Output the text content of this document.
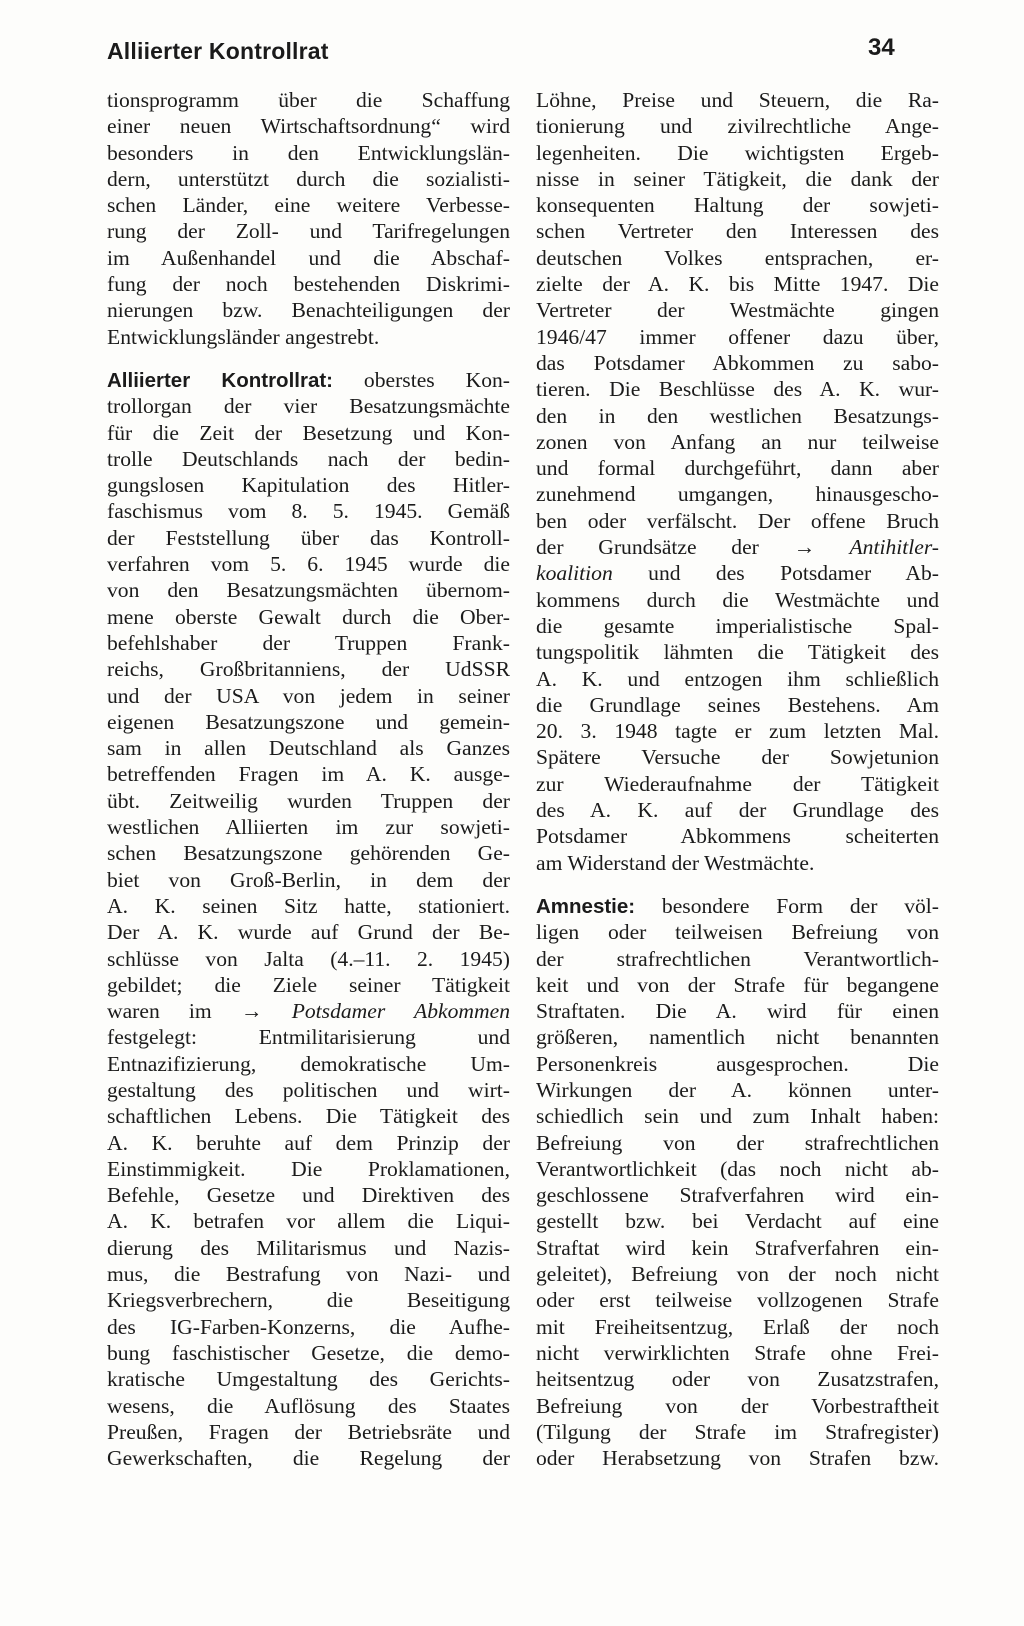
Alliierter Kontrollrat	34

tionsprogramm über die Schaffung
einer neuen Wirtschaftsordnung“ wird
besonders in den Entwicklungslän-
dern, unterstützt durch die sozialisti-
schen Länder, eine weitere Verbesse-
rung der Zoll- und Tarifregelungen
im Außenhandel und die Abschaf-
fung der noch bestehenden Diskrimi-
nierungen bzw. Benachteiligungen der
Entwicklungsländer angestrebt.

Alliierter Kontrollrat: oberstes Kon-
trollorgan der vier Besatzungsmächte
für die Zeit der Besetzung und Kon-
trolle Deutschlands nach der bedin-
gungslosen Kapitulation des Hitler-
faschismus vom 8. 5. 1945. Gemäß
der Feststellung über das Kontroll-
verfahren vom 5. 6. 1945 wurde die
von den Besatzungsmächten übernom-
mene oberste Gewalt durch die Ober-
befehlshaber der Truppen Frank-
reichs, Großbritanniens, der UdSSR
und der USA von jedem in seiner
eigenen Besatzungszone und gemein-
sam in allen Deutschland als Ganzes
betreffenden Fragen im A. K. ausge-
übt. Zeitweilig wurden Truppen der
westlichen Alliierten im zur sowjeti-
schen Besatzungszone gehörenden Ge-
biet von Groß-Berlin, in dem der
A. K. seinen Sitz hatte, stationiert.
Der A. K. wurde auf Grund der Be-
schlüsse von Jalta (4.–11. 2. 1945)
gebildet; die Ziele seiner Tätigkeit
waren im → Potsdamer Abkommen
festgelegt: Entmilitarisierung und
Entnazifizierung, demokratische Um-
gestaltung des politischen und wirt-
schaftlichen Lebens. Die Tätigkeit des
A. K. beruhte auf dem Prinzip der
Einstimmigkeit. Die Proklamationen,
Befehle, Gesetze und Direktiven des
A. K. betrafen vor allem die Liqui-
dierung des Militarismus und Nazis-
mus, die Bestrafung von Nazi- und
Kriegsverbrechern, die Beseitigung
des IG-Farben-Konzerns, die Aufhe-
bung faschistischer Gesetze, die demo-
kratische Umgestaltung des Gerichts-
wesens, die Auflösung des Staates
Preußen, Fragen der Betriebsräte und
Gewerkschaften, die Regelung der

Löhne, Preise und Steuern, die Ra-
tionierung und zivilrechtliche Ange-
legenheiten. Die wichtigsten Ergeb-
nisse in seiner Tätigkeit, die dank der
konsequenten Haltung der sowjeti-
schen Vertreter den Interessen des
deutschen Volkes entsprachen, er-
zielte der A. K. bis Mitte 1947. Die
Vertreter der Westmächte gingen
1946/47 immer offener dazu über,
das Potsdamer Abkommen zu sabo-
tieren. Die Beschlüsse des A. K. wur-
den in den westlichen Besatzungs-
zonen von Anfang an nur teilweise
und formal durchgeführt, dann aber
zunehmend umgangen, hinausgescho-
ben oder verfälscht. Der offene Bruch
der Grundsätze der → Antihitler-
koalition und des Potsdamer Ab-
kommens durch die Westmächte und
die gesamte imperialistische Spal-
tungspolitik lähmten die Tätigkeit des
A. K. und entzogen ihm schließlich
die Grundlage seines Bestehens. Am
20. 3. 1948 tagte er zum letzten Mal.
Spätere Versuche der Sowjetunion
zur Wiederaufnahme der Tätigkeit
des A. K. auf der Grundlage des
Potsdamer Abkommens scheiterten
am Widerstand der Westmächte.

Amnestie: besondere Form der völ-
ligen oder teilweisen Befreiung von
der strafrechtlichen Verantwortlich-
keit und von der Strafe für begangene
Straftaten. Die A. wird für einen
größeren, namentlich nicht benannten
Personenkreis ausgesprochen. Die
Wirkungen der A. können unter-
schiedlich sein und zum Inhalt haben:
Befreiung von der strafrechtlichen
Verantwortlichkeit (das noch nicht ab-
geschlossene Strafverfahren wird ein-
gestellt bzw. bei Verdacht auf eine
Straftat wird kein Strafverfahren ein-
geleitet), Befreiung von der noch nicht
oder erst teilweise vollzogenen Strafe
mit Freiheitsentzug, Erlaß der noch
nicht verwirklichten Strafe ohne Frei-
heitsentzug oder von Zusatzstrafen,
Befreiung von der Vorbestraftheit
(Tilgung der Strafe im Strafregister)
oder Herabsetzung von Strafen bzw.
